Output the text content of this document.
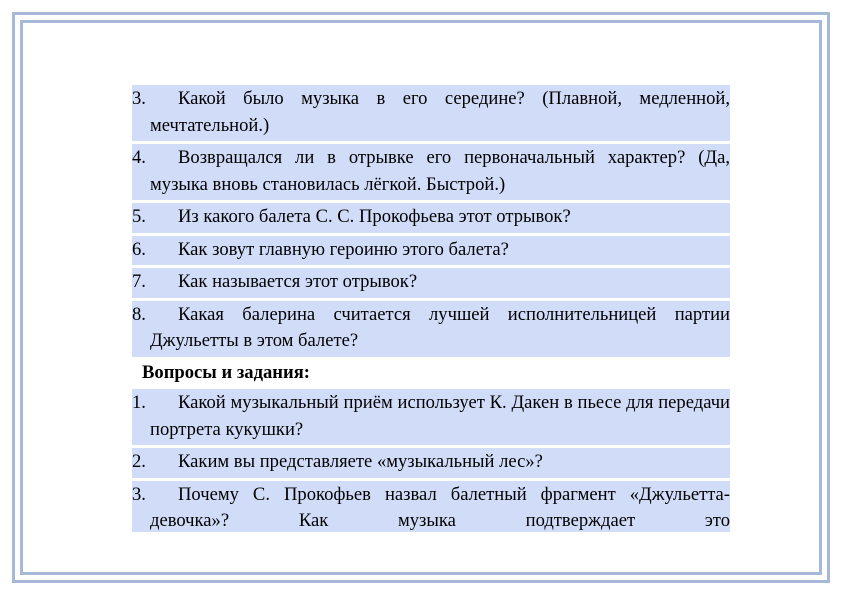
3.	Какой было музыка в его середине? (Плавной, медленной, мечтательной.)
4.	Возвращался ли в отрывке его первоначальный характер? (Да, музыка вновь становилась лёгкой. Быстрой.)
5.	Из какого балета С. С. Прокофьева этот отрывок?
6.	Как зовут главную героиню этого балета?
7.	Как называется этот отрывок?
8.	Какая балерина считается лучшей исполнительницей партии Джульетты в этом балете?
Вопросы и задания:
1.	Какой музыкальный приём использует К. Дакен в пьесе для передачи портрета кукушки?
2.	Каким вы представляете «музыкальный лес»?
3.	Почему С. Прокофьев назвал балетный фрагмент «Джульетта-девочка»? Как музыка подтверждает это
